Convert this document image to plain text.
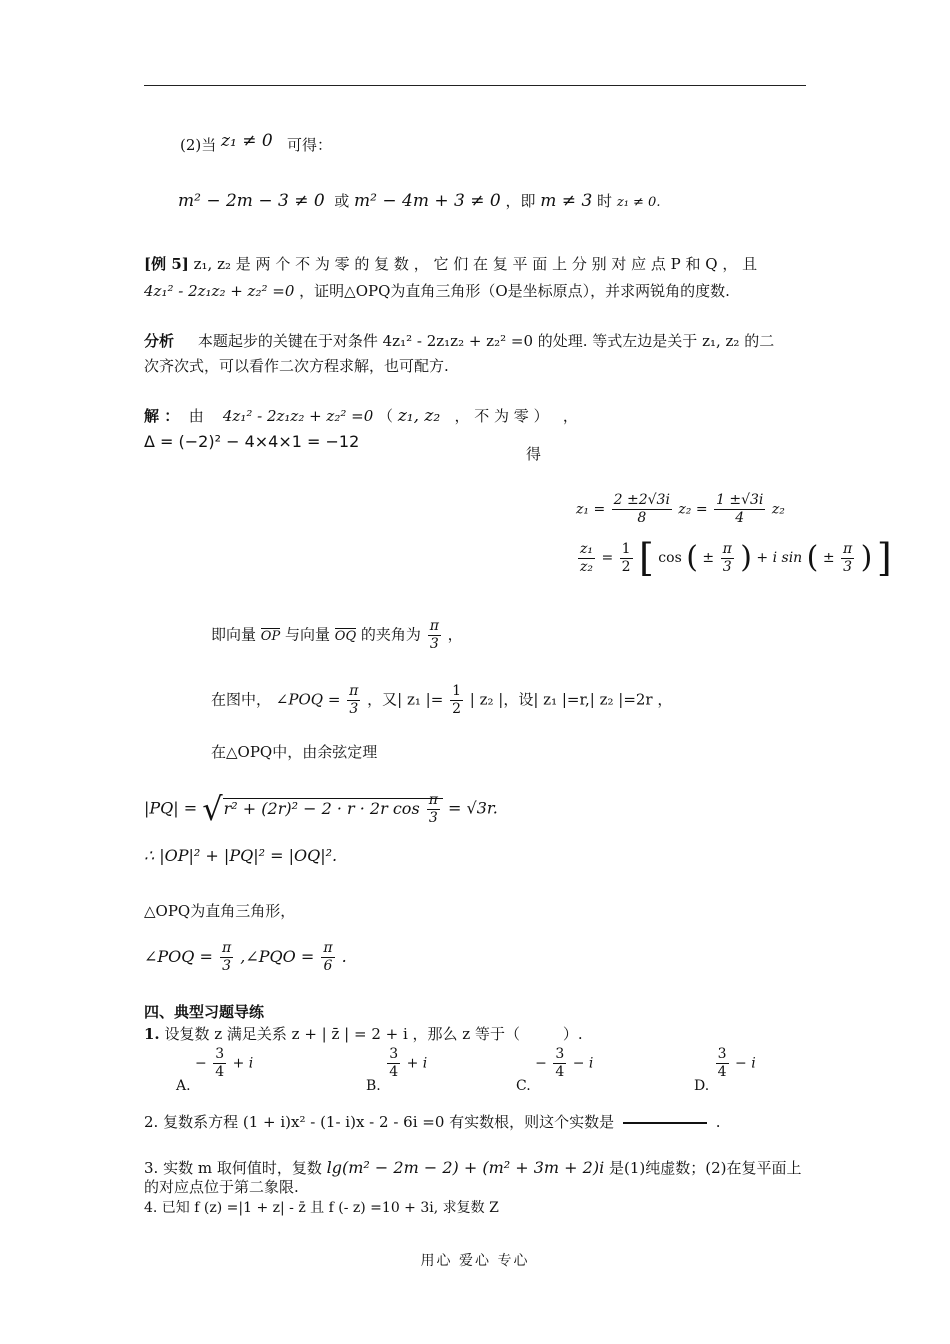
(2)当 z₁ ≠ 0 可得：
m² − 2m − 3 ≠ 0 或 m² − 4m + 3 ≠ 0 ，即 m ≠ 3 时 z₁ ≠ 0.
[例 5] z₁, z₂ 是 两 个 不 为 零 的 复 数 ， 它 们 在 复 平 面 上 分 别 对 应 点 P 和 Q ， 且
4z₁² - 2z₁z₂ + z₂² =0 ，证明△OPQ为直角三角形（O是坐标原点），并求两锐角的度数.
分析 本题起步的关键在于对条件 4z₁² - 2z₁z₂ + z₂² =0 的处理. 等式左边是关于 z₁, z₂ 的二
次齐次式，可以看作二次方程求解，也可配方.
解 ： 由 4z₁² - 2z₁z₂ + z₂² =0 （ z₁, z₂ ， 不 为 零 ） ，
Δ = (−2)² − 4×4×1 = −12
得
$z_1 = \frac{2 \pm 2√3i}{8} z_2 = \frac{1 \pm√3i}{4} z_2$
$\frac{\text{z₁}}{\text{z₂}} = \frac{1}{2}$ [ cos ( ± $\frac{\pi}{3}$ ) + i sin ( ± $\frac{\pi}{3}$ ) ]
即向量 OP 与向量 OQ 的夹角为 $\frac{\pi}{3}$ ，
在图中， ∠POQ = $\frac{\pi}{3}$ ，又| z₁ |= $\frac{1}{2}$ | z₂ |，设| z₁ |=r,| z₂ |=2r ，
在△OPQ中，由余弦定理
|PQ| = √r² + (2r)² − 2 · r · 2r $\cos \frac{\pi}{3} = √3r$.
∴ |OP|² + |PQ|² = |OQ|².
△OPQ为直角三角形，
∠POQ = $\frac{\pi}{3}$ ,∠PQO = $\frac{\pi}{6}$ .
四、典型习题导练
1. 设复数 z 满足关系 z + | z̄ | = 2 + i ，那么 z 等于（	）.
A. − $\frac{3}{4} + i$
B.
$\frac{3}{4} + i$
C. − $\frac{3}{4} - i$
D.
$\frac{3}{4} - i$
2. 复数系方程 (1 + i)x² - (1- i)x - 2 - 6i =0 有实数根，则这个实数是	.
3. 实数 m 取何值时，复数 lg(m² − 2m − 2) + (m² + 3m + 2)i 是(1)纯虚数；(2)在复平面上
的对应点位于第二象限.
4. 已知 f (z) =|1 + z| - z̄ 且 f (- z) =10 + 3i, 求复数 Z
用心 爱心 专心
